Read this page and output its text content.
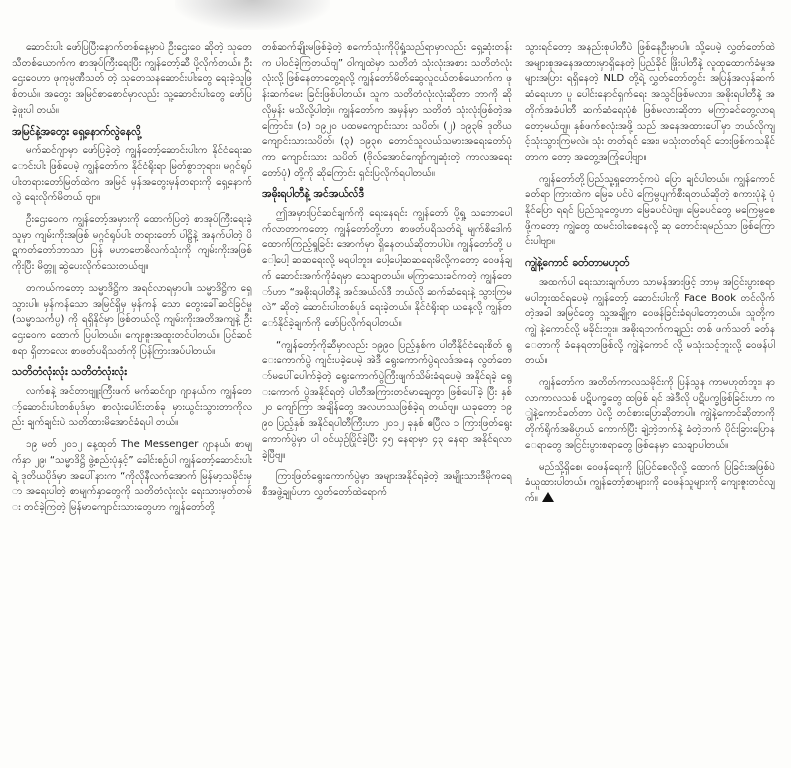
ဆောင်းပါး ဖော်ပြပြီးနောက်တစ်နေ့မှာပဲ ဦးဌေးဝေ ဆိုတဲ့ သုတေသီတစ်ယောက်က စာအုပ်ကြီးရေးပြီး ကျွန်တော့်ဆီ ပို့လိုက်တယ်။ ဦးဌေးဝေဟာ ဖုကုမ္ပဏီသတ် တဲ့ သုတေသနဆောင်းပါးတွေ ရေးခဲ့သူဖြစ်တယ်။ အတွေး အမြင်စာစောင်မှာလည်း သူ့ဆောင်းပါးတွေ ဖော်ပြခဲ့ဖူးပါ တယ်။

အမြင်နဲ့အတွေး ရှေ့နောက်လွဲနေလို့

မက်ဆင်ဂျာမှာ ဖော်ပြခဲ့တဲ့ ကျွန်တော့်ဆောင်းပါးက နိုင်ငံရေးဆောင်းပါး ဖြစ်ပေမဲ့ ကျွန်တော်က နိုင်ငံရိုးရာ မြတ်စွာဘုရား၊ မဂ္ဂင်ရုပ်ပါးတရားတော်မြတ်ထဲက အမြင် မှန်အတွေးမှန်တရားကို ရှေ့နောက်လွဲ ရေးလိုက်မိတယ် ဗျာ။

ဦးဌေးဝေက ကျွန်တော့်အမှားကို ထောက်ပြတဲ့ စာအုပ်ကြီးရေးခဲ့သူမှာ ကျမ်းကိုးအဖြစ် မဂ္ဂင်ရုပ်ပါး တရားတော် ပါဠိနဲ့ အနက်ပါတဲ့ ပိဋကတ်တော်ဘာသာ ပြန် မဟာဗောဓိလက်သုံးကို ကျမ်းကိုးအဖြစ် ကိုးပြီး မိတ္တူ ဆွဲပေးလိုက်သေးတယ်ဗျ။

တကယ်ကတော့ သမ္မာဒိဋ္ဌိက အရင်လာရမှာပါ။ သမ္မာဒိဋ္ဌိက ရှေ့သွားပါ။ မှန်ကန်သော အမြင်ရှိမှ မှန်ကန် သော တွေးခေါ်ဆင်ခြင်မှု (သမ္မာသင်္ကပ္ပ) ကို ရရှိနိုင်မှာ ဖြစ်တယ်လို့ ကျမ်းကိုးအတိအကျနဲ့ ဦးဌေးဝေက ထောက် ပြပါတယ်။ ကျေးဇူးအထူးတင်ပါတယ်။ ပြင်ဆင်စရာ ရှိတာလေး စာဖတ်ပရိသတ်ကို ပြန်ကြားအပ်ပါတယ်။

သတိတံလုံးလုံး သတိတံလုံးလုံး

လက်စနဲ့ အင်တာဗျူးကြီးဖက် မက်ဆင်ဂျာ ဂျာနယ်က ကျွန်တော့်ဆောင်းပါးတစ်ပုဒ်မှာ စာလုံးပေါင်းတစ်ခု မှားယွင်းသွားတာကိုလည်း ချက်ချင်းပဲ သတိထားမိအောင်ခံရပါ တယ်။

၁၉ မတ် ၂၀၁၂ နေ့ထုတ် The Messenger ဂျာနယ်၊ စာမျက်နှာ ၂၉၊ “သမ္မာဒိဋ္ဌိ ဖွဲ့စည်းပုံနှင့်” ခေါင်းစဉ်ပါ ကျွန်တော့်ဆောင်းပါးရဲ့ ဒုတိယပိုဒ်မှာ အပေါ်နားက “ကိုလိုနီလက်အောက် မြန်မာ့သမိုင်းမှာ အရေးပါတဲ့ စာမျက်နှာတွေကို သတိတံလုံးလုံး ရေးသားမှတ်တမ်း တင်ခဲ့ကြတဲ့ မြန်မာကျောင်းသားတွေဟာ ကျွန်တော်တို့

တစ်ဆက်ချိုးမဖြစ်ခဲ့တဲ့ စကော်သုံးကိုပိုရှုံ့သည်ရာမှာလည်း ရှေ့ဆုံးတန်းက ပါဝင်ခဲ့ကြတယ်ဗျ” ဝါကျထဲမှာ သတိတံ သုံးလုံးအစား သတိတံလုံးလုံးလို့ ဖြစ်နေတာတွေ့ရလို့ ကျွန်တော်မိတ်ဆွေလူငယ်တစ်ယောက်က ဖုန်းဆက်မေး ခြင်းဖြစ်ပါတယ်။ သူက သတိတံလုံးလုံးဆိုတာ ဘာကို ဆိုလိုမှန်း မသိလို့ပါတဲ့။ ကျွန်တော်က အမှန်မှာ သတိတံ သုံးလုံးဖြစ်တဲ့အကြောင်း၊ (၁) ၁၉၂၀ ပထမကျောင်းသား သပိတ်၊ (၂) ၁၉၃၆ ဒုတိယကျောင်းသားသပိတ်၊ (၃) ၁၉၃၈ တောင်သူလယ်သမားအရေးတော်ပုံကာ ကျောင်းသား သပိတ် (ဗိုလ်အောင်ကျော်ကျဆုံးတဲ့ ကာလအရေးတော်ပုံ) တို့ကို ဆိုကြောင်း ရှင်းပြလိုက်ရပါတယ်။

အဓိုးရပါတီနဲ့ အင်အယ်လ်ဒီ

ဤအမှားပြင်ဆင်ချက်ကို ရေးနေရင်း ကျွန်တော် ပို့ရှု့ သဘောပေါက်လာတာကတော့ ကျွန်တော်တို့ဟာ စာဖတ်ပရိသတ်ရဲ့ မျက်စိဒေါက်ထောက်ကြည့်ရှုခြင်း အောက်မှာ ရှိနေတယ်ဆိုတာပါပဲ။ ကျွန်တော်တို့ ပေါ့ပေါ့ ဆဆရေးလို့ မရပါဘူး။ ပေါ့ပေါ့ဆဆရေးမိလို့ကတော့ ဝေဖန်ချက် ဆောင်းအက်ကိုခံရမှာ သေချာတယ်။ မကြာသေးခင်ကတဲ့ ကျွန်တော်ဟာ “အဓိုးရပါတီနဲ့ အင်အယ်လ်ဒီ ဘယ်လို ဆက်ဆံရေးနဲ့ သွားကြမလဲ” ဆိုတဲ့ ဆောင်းပါးတစ်ပုဒ် ရေးခဲ့တယ်။ နိုင်ငံရိုးရာ ယနေ့လို့ ကျွန်တော်နိုင်ခဲ့ချက်ကို ဖော်ပြလိုက်ရပါတယ်။

“ကျွန်တော့်ကိုဆီမှာလည်း ၁၉၉၀ ပြည့်နှစ်က ပါတီနိုင်ငံရေးစိတ် ရွေးကောက်ပွဲ ကျင်းပခဲ့ပေမဲ့ အဲဒီ ရွေးကောက်ပွဲရလဒ်အနေ လွတ်တော်မပေါ်ပေါက်ခဲ့တဲ့ ရွေးကောက်ပွဲကြီးဖျက်သိမ်းခံရပေမဲ့ အနိုင်ရခဲ့ ရွေးကောက် ပွဲအနိုင်ရတဲ့ ပါတီအကြားတင်မာချေတွာ ဖြစ်ပေါ်ခဲ့ ပြီး နှစ် ၂၀ ကျော်ကြာ အချိန်တွေ အလဟဿဖြစ်ခဲ့ရ တယ်ဗျ။ ယခုတော့ ၁၉၉၀ ပြည့်နှစ် အနိုင်ရပါတီကြီးဟာ ၂၀၁၂ ခုနှစ် ဧပြီလ ၁ ကြားဖြတ်ရွေးကောက်ပွဲမှာ ပါ ဝင်ယှဉ်ပြိုင်ခဲ့ပြီး ၄၅ နေရာမှာ ၄၃ နေရာ အနိုင်ရလာ ခဲ့ပြီဗျ။

ကြားဖြတ်ရွေးကောက်ပွဲမှာ အများအနိုင်ရခဲ့တဲ့ အမျိုးသားဒီမိုကရေစီအဖွဲ့ချုပ်ဟာ လွှတ်တော်ထဲရောက်

သွားရင်တော့ အနည်းစုပါတီပဲ ဖြစ်နေဦးမှာပါ။ သို့ပေမဲ့ လွှတ်တော်ထဲ အများစုအနေအထားမှာရှိနေတဲ့ ပြည်ခိုင် ဖြိုးပါတီနဲ့ လူထုထောက်ခံမှုအများအပြား ရရှိနေတဲ့ NLD တို့ရဲ့ လွှတ်တော်တွင်း အပြန်အလှန်ဆက်ဆံရေးဟာ ပူ ပေါင်းနောင်ရှက်ရေး အသွင်ဖြစ်မလား၊ အဓိုးရပါတီနဲ့ အတိုက်အခံပါတီ ဆက်ဆံရေးပုံစံ ဖြစ်မလားဆိုတာ မကြာခင်တွေ့လာရတော့မယ်ဗျ။ နှစ်ဖက်စလုံးအဖို့ သည် အနေအထားပေါ်မှာ ဘယ်လိုကျင့်သုံးသွားကြမလဲ။ သုံး တတ်ရင် အေး၊ မသုံးတတ်ရင် ဘေးဖြစ်ကသနိုင်တာက တော့ အတွေ့အကြုံပေါ့ဗျာ။

ကျွန်တော်တို့ပြည်သူ့ရှုတောင့်ကပဲ ပြော ချင်ပါတယ်။ ကျွန်ကောင်ခတ်ရာ ကြားထဲက မြေခ ပင်ပဲ ကြေမွပျက်စီးရတယ်ဆိုတဲ့ စကားပုံနဲ့ ပုံနိုင်ပြော ရရင် ပြည်သူတွေဟာ မြေခပင်ပဲဗျ။ မြေခပင်တွေ မကြေမွစေဖို့ကတော့ ကျွဲတွေ ထမင်းဝါးစေနေလို့ ဆု တောင်းရမည်သာ ဖြစ်ကြောင်းပါဗျာ။

ကျွဲနဲ့ကောင် ခတ်တာမဟုတ်

အထက်ပါ ရေးသားချက်ဟာ သာမန်အားဖြင့် ဘာမှ အငြင်းပွားစရာ မပါဘူးထင်ရပေမဲ့ ကျွန်တော့် ဆောင်းပါးကို Face Book တင်လိုက်တဲ့အခါ အမြင်တွေ သူ့အချို့က ဝေဖန်ခြင်းခံရပါတော့တယ်။ သူတို့က ကျွဲ နဲ့ကောင်လို့ မခိုင်းဘူး။ အဓိုးရဘက်ကချည်း တစ် ဖက်သတ် ခတ်နေတာကို ခံနေရတာဖြစ်လို့ ကျွဲနဲ့ကောင် လို့ မသုံးသင့်ဘူးလို့ ဝေဖန်ပါတယ်။

ကျွန်တော်က အတိတ်ကာလသမိုင်းကို ပြန်သွန ကာမဟုတ်ဘူး၊ နာလာကာလသစ် ပဋိပက္ခတွေ ထဖြစ် ရင် အဲဒီလို ပဋိပက္ခဖြစ်ခြင်းဟာ ကျွဲနဲ့ကောင်ခတ်တာ ပဲလို့ တင်စားပြောဆိုတာပါ။ ကျွဲနဲ့ကောင်ဆိုတာကို တိုက်ရိုက်အဓိပ္ပာယ် ကောက်ပြီး ချဲ့ဘဲ့ဘက်နဲ့ ခံတဲ့ဘက် ပိုင်းခြားပြောနေရာတွေ အငြင်းပွားစရာတွေ ဖြစ်နေမှာ သေချာပါတယ်။

မည်သို့ရှိစေ၊ ဝေဖန်ရေးကို ပြုပြင်စေလိုလို့ ထောက် ပြခြင်းအဖြစ်ပဲ ခံယူထားပါတယ်။ ကျွန်တော့်စာများကို ဝေဖန်သူများကို ကျေးဇူးတင်လျက်။
